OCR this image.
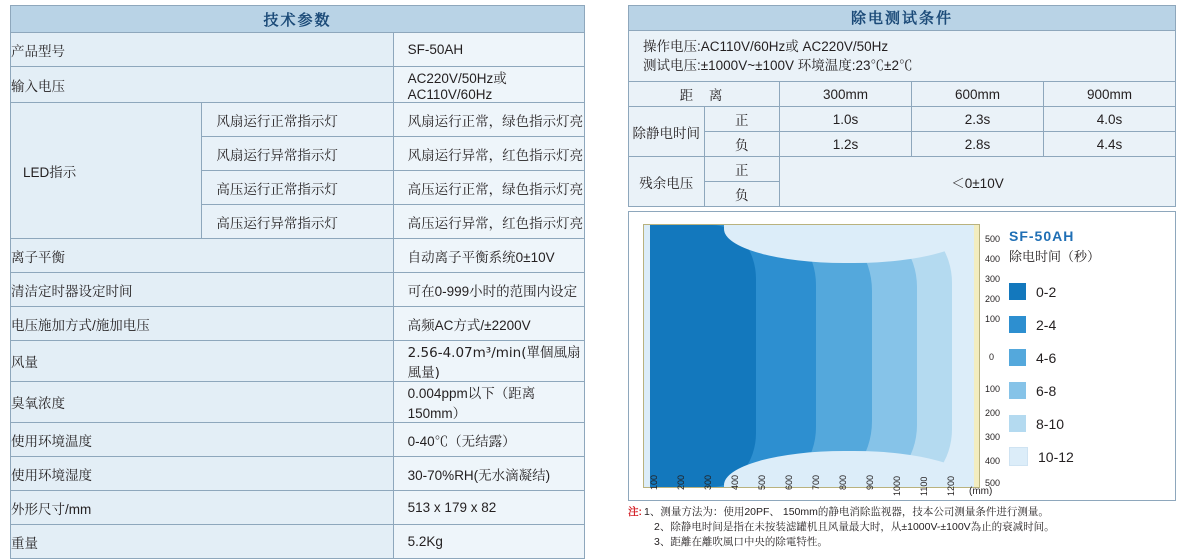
技术参数		
产品型号		SF-50AH
输入电压		AC220V/50Hz或AC110V/60Hz
LED指示	风扇运行正常指示灯	风扇运行正常，绿色指示灯亮
	风扇运行异常指示灯	风扇运行异常，红色指示灯亮
	高压运行正常指示灯	高压运行正常，绿色指示灯亮
	高压运行异常指示灯	高压运行异常，红色指示灯亮
离子平衡		自动离子平衡系统0±10V
清洁定时器设定时间		可在0-999小时的范围内设定
电压施加方式/施加电压		高频AC方式/±2200V
风量		2.56-4.07m³/min(單個風扇風量)
臭氧浓度		0.004ppm以下（距离150mm）
使用环境温度		0-40℃（无结露）
使用环境湿度		30-70%RH(无水滴凝结)
外形尺寸/mm		513 x 179 x 82
重量		5.2Kg
除电测试条件
操作电压:AC110V/60Hz或 AC220V/50Hz
测试电压:±1000V~±100V 环境温度:23℃±2℃
距 离		300mm	600mm	900mm
除静电时间	正	1.0s	2.3s	4.0s
	负	1.2s	2.8s	4.4s
残余电压	正	＜0±10V		
	负			
500
400
300
200
100
0
100
200
300
400
500
100 200 300 400 500 600 700 800 900 1000 1100 1200 (mm)
SF-50AH
除电时间（秒）
0-2
2-4
4-6
6-8
8-10
10-12
注: 1、测量方法为：使用20PF、 150mm的静电消除监视器，技本公司测量条件进行测量。
2、除静电时间是指在未按装滤罐机且风量最大时，从±1000V-±100V為止的衰减时间。
3、距離在離吹風口中央的除電特性。
